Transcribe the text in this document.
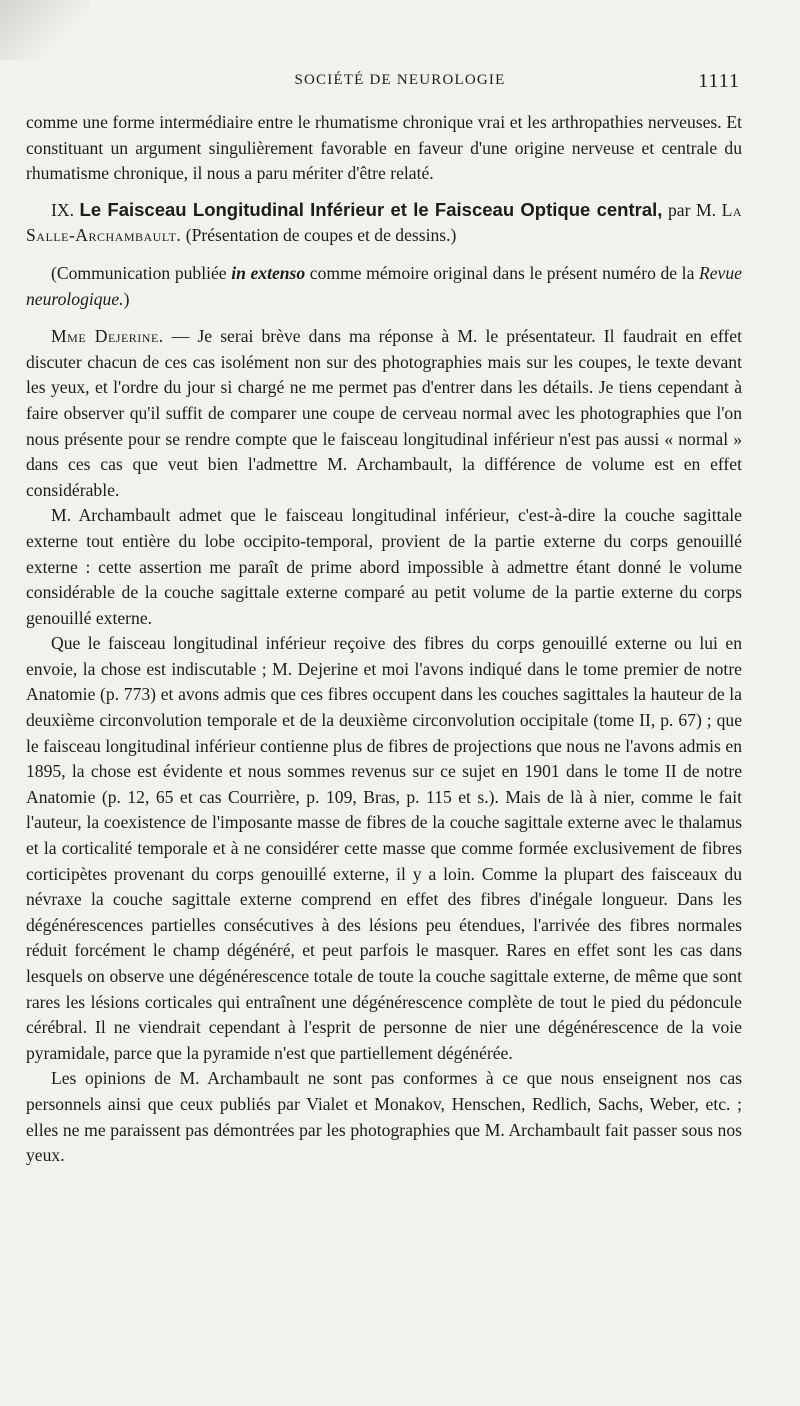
SOCIÉTÉ DE NEUROLOGIE	1111

comme une forme intermédiaire entre le rhumatisme chronique vrai et les arthropathies nerveuses. Et constituant un argument singulièrement favorable en faveur d'une origine nerveuse et centrale du rhumatisme chronique, il nous a paru mériter d'être relaté.

IX. Le Faisceau Longitudinal Inférieur et le Faisceau Optique central, par M. La Salle-Archambault. (Présentation de coupes et de dessins.)

(Communication publiée in extenso comme mémoire original dans le présent numéro de la Revue neurologique.)

Mme Dejerine. — Je serai brève dans ma réponse à M. le présentateur. Il faudrait en effet discuter chacun de ces cas isolément non sur des photographies mais sur les coupes, le texte devant les yeux, et l'ordre du jour si chargé ne me permet pas d'entrer dans les détails. Je tiens cependant à faire observer qu'il suffit de comparer une coupe de cerveau normal avec les photographies que l'on nous présente pour se rendre compte que le faisceau longitudinal inférieur n'est pas aussi « normal » dans ces cas que veut bien l'admettre M. Archambault, la différence de volume est en effet considérable.

M. Archambault admet que le faisceau longitudinal inférieur, c'est-à-dire la couche sagittale externe tout entière du lobe occipito-temporal, provient de la partie externe du corps genouillé externe : cette assertion me paraît de prime abord impossible à admettre étant donné le volume considérable de la couche sagittale externe comparé au petit volume de la partie externe du corps genouillé externe.

Que le faisceau longitudinal inférieur reçoive des fibres du corps genouillé externe ou lui en envoie, la chose est indiscutable ; M. Dejerine et moi l'avons indiqué dans le tome premier de notre Anatomie (p. 773) et avons admis que ces fibres occupent dans les couches sagittales la hauteur de la deuxième circonvolution temporale et de la deuxième circonvolution occipitale (tome II, p. 67) ; que le faisceau longitudinal inférieur contienne plus de fibres de projections que nous ne l'avons admis en 1895, la chose est évidente et nous sommes revenus sur ce sujet en 1901 dans le tome II de notre Anatomie (p. 12, 65 et cas Courrière, p. 109, Bras, p. 115 et s.). Mais de là à nier, comme le fait l'auteur, la coexistence de l'imposante masse de fibres de la couche sagittale externe avec le thalamus et la corticalité temporale et à ne considérer cette masse que comme formée exclusivement de fibres corticipètes provenant du corps genouillé externe, il y a loin. Comme la plupart des faisceaux du névraxe la couche sagittale externe comprend en effet des fibres d'inégale longueur. Dans les dégénérescences partielles consécutives à des lésions peu étendues, l'arrivée des fibres normales réduit forcément le champ dégénéré, et peut parfois le masquer. Rares en effet sont les cas dans lesquels on observe une dégénérescence totale de toute la couche sagittale externe, de même que sont rares les lésions corticales qui entraînent une dégénérescence complète de tout le pied du pédoncule cérébral. Il ne viendrait cependant à l'esprit de personne de nier une dégénérescence de la voie pyramidale, parce que la pyramide n'est que partiellement dégénérée.

Les opinions de M. Archambault ne sont pas conformes à ce que nous enseignent nos cas personnels ainsi que ceux publiés par Vialet et Monakov, Henschen, Redlich, Sachs, Weber, etc. ; elles ne me paraissent pas démontrées par les photographies que M. Archambault fait passer sous nos yeux.
